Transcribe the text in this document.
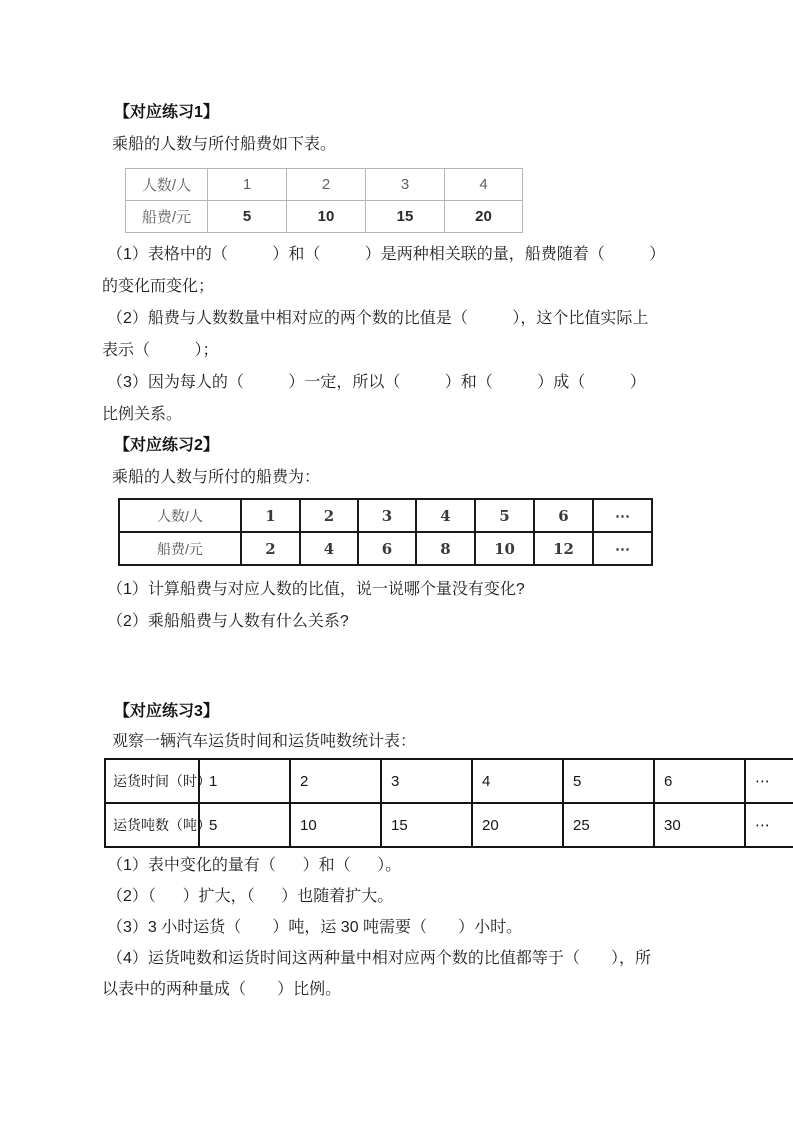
【对应练习1】
乘船的人数与所付船费如下表。
人数/人	1	2	3	4
船费/元	5	10	15	20
（1）表格中的（          ）和（          ）是两种相关联的量，船费随着（          ）
的变化而变化；
（2）船费与人数数量中相对应的两个数的比值是（          ），这个比值实际上
表示（          ）；
（3）因为每人的（          ）一定，所以（          ）和（          ）成（          ）
比例关系。
【对应练习2】
乘船的人数与所付的船费为：
人数/人	1	2	3	4	5	6	⋯
船费/元	2	4	6	8	10	12	⋯
（1）计算船费与对应人数的比值，说一说哪个量没有变化?
（2）乘船船费与人数有什么关系?
【对应练习3】
观察一辆汽车运货时间和运货吨数统计表：
运货时间（时）	1	2	3	4	5	6	⋯
运货吨数（吨）	5	10	15	20	25	30	⋯
（1）表中变化的量有（      ）和（      ）。
（2）（      ）扩大，（      ）也随着扩大。
（3）3 小时运货（       ）吨，运 30 吨需要（       ）小时。
（4）运货吨数和运货时间这两种量中相对应两个数的比值都等于（       ），所
以表中的两种量成（       ）比例。
